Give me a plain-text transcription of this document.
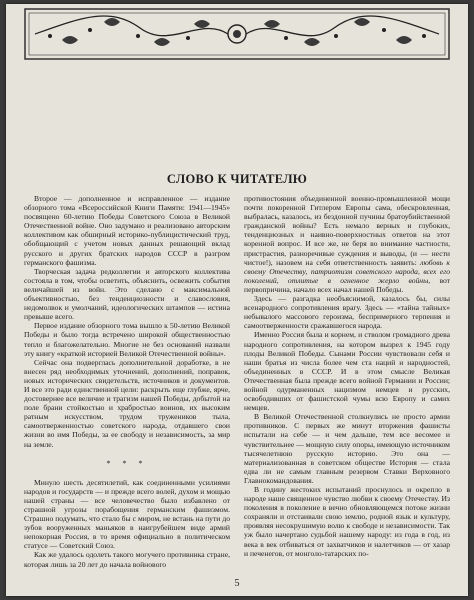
СЛОВО К ЧИТАТЕЛЮ

Второе — дополненное и исправленное — издание обзорного тома «Всероссийской Книги Памяти: 1941—1945» посвящено 60-летию Победы Советского Союза в Великой Отечественной войне. Оно задумано и реализовано авторским коллективом как обширный историко-публицистический труд, обобщающий с учетом новых данных решающий вклад русского и других братских народов СССР в разгром германского фашизма.

Творческая задача редколлегии и авторского коллектива состояла в том, чтобы осветить, объяснить, освежить события величайшей из войн. Это сделано с максимальной объективностью, без тенденциозности и славословия, недомолвок и умолчаний, идеологических штампов — истина превыше всего.

Первое издание обзорного тома вышло к 50-летию Великой Победы и было тогда встречено широкой общественностью тепло и благожелательно. Многие не без оснований назвали эту книгу «краткой историей Великой Отечественной войны».

Сейчас она подверглась дополнительной доработке, в не внесен ряд необходимых уточнений, дополнений, поправок, новых исторических свидетельств, источников и документов. И все это ради единственной цели: раскрыть еще глубже, ярче, достовернее все величие и трагизм нашей Победы, добытой на поле брани стойкостью и храбростью воинов, их высоким ратным искусством, трудом тружеников тыла, самоотверженностью советского народа, отдавшего свои жизни во имя Победы, за ее свободу и независимость, за мир на земле.

* * *

Минуло шесть десятилетий, как соединенными усилиями народов и государств — и прежде всего волей, духом и мощью нашей страны — все человечество было избавлено от страшной угрозы порабощения германским фашизмом. Страшно подумать, что стало бы с миром, не встань на пути до зубов вооруженных маньяков в наигрубейшем виде армий непокорная Россия, в то время официально в политическом статусе — Советский Союз.

Как же удалось одолеть такого могучего противника стране, которая лишь за 20 лет до начала войнового

противостояния объединенной военно-промышленной мощи почти покоренной Гитлером Европы сама, обескровленная, выбралась, казалось, из бездонной пучины братоубийственной гражданской войны? Есть немало верных и глубоких, тенденциозных и наивно-поверхностных ответов на этот коренной вопрос. И все же, не беря во внимание частности, пристрастия, разноречивые суждения и выводы, (и — нести чистое!), назовем на себя ответственность заявить: любовь к своему Отечеству, патриотизм советского народа, всех его поколений, отлитые в огненное жерло войны, вот первопричина, начало всех начал нашей Победы.

Здесь — разгадка необъяснимой, казалось бы, силы всенародного сопротивления врагу. Здесь — «тайна тайных» небывалого массового героизма, беспримерного терпения и самоотверженности сражавшегося народа.

Именно Россия была и корнем, и стволом громадного древа народного сопротивления, на котором вызрел к 1945 году плоды Великой Победы. Сынами России чувствовали себя и наши братья из числа более чем ста наций и народностей, объединенных в СССР. И в этом смысле Великая Отечественная была прежде всего войной Германии и России; войной одурманенных нацизмом немцев и русских, освободивших от фашистской чумы всю Европу и самих немцев.

В Великой Отечественной столкнулись не просто армии противников. С первых же минут вторжения фашисты испытали на себе — и чем дальше, тем все весомее и чувствительнее — мощную силу опоры, имеющую источником тысячелетнюю русскую историю. Это она — материализованная в советском обществе История — стала едва ли не самым главным резервом Ставки Верховного Главнокомандования.

В годину жестоких испытаний проснулось и окрепло в народе наше священное чувство любви к своему Отечеству. Из поколения в поколение в вечно обновляющемся потоке жизни сохраняли и отстаивали свою землю, родной язык и культуру, проявляя несокрушимую волю к свободе и независимости. Так уж было начертано судьбой нашему народу: из года в год, из века в век отбиваться от захватчиков и налетчиков — от хазар и печенегов, от монголо-татарских по-

5
